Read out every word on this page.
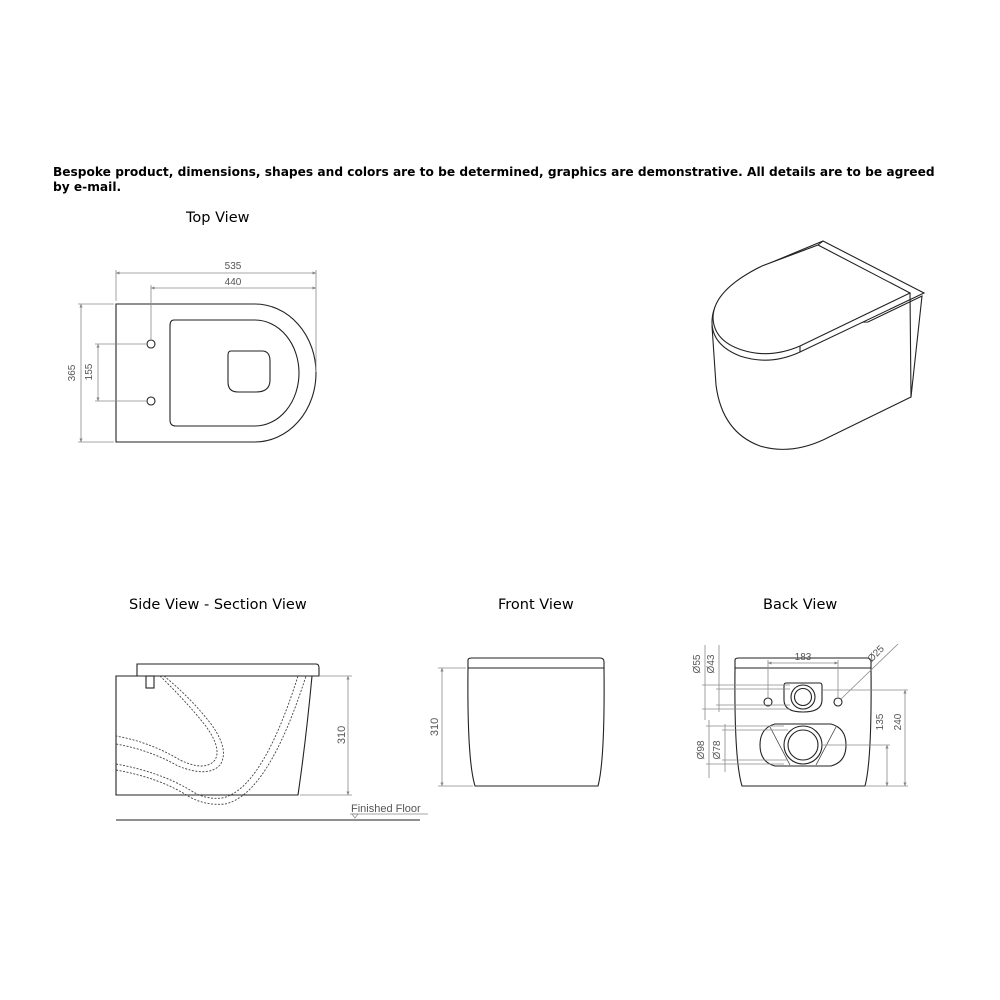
Bespoke product, dimensions, shapes and colors are to be determined, graphics are demonstrative. All details are to be agreed by e-mail.

Top View
Side View - Section View	Front View	Back View
535
440
365 155
310
Finished Floor
310
183	Ø25
Ø55 Ø43
Ø98 Ø78
135 240
